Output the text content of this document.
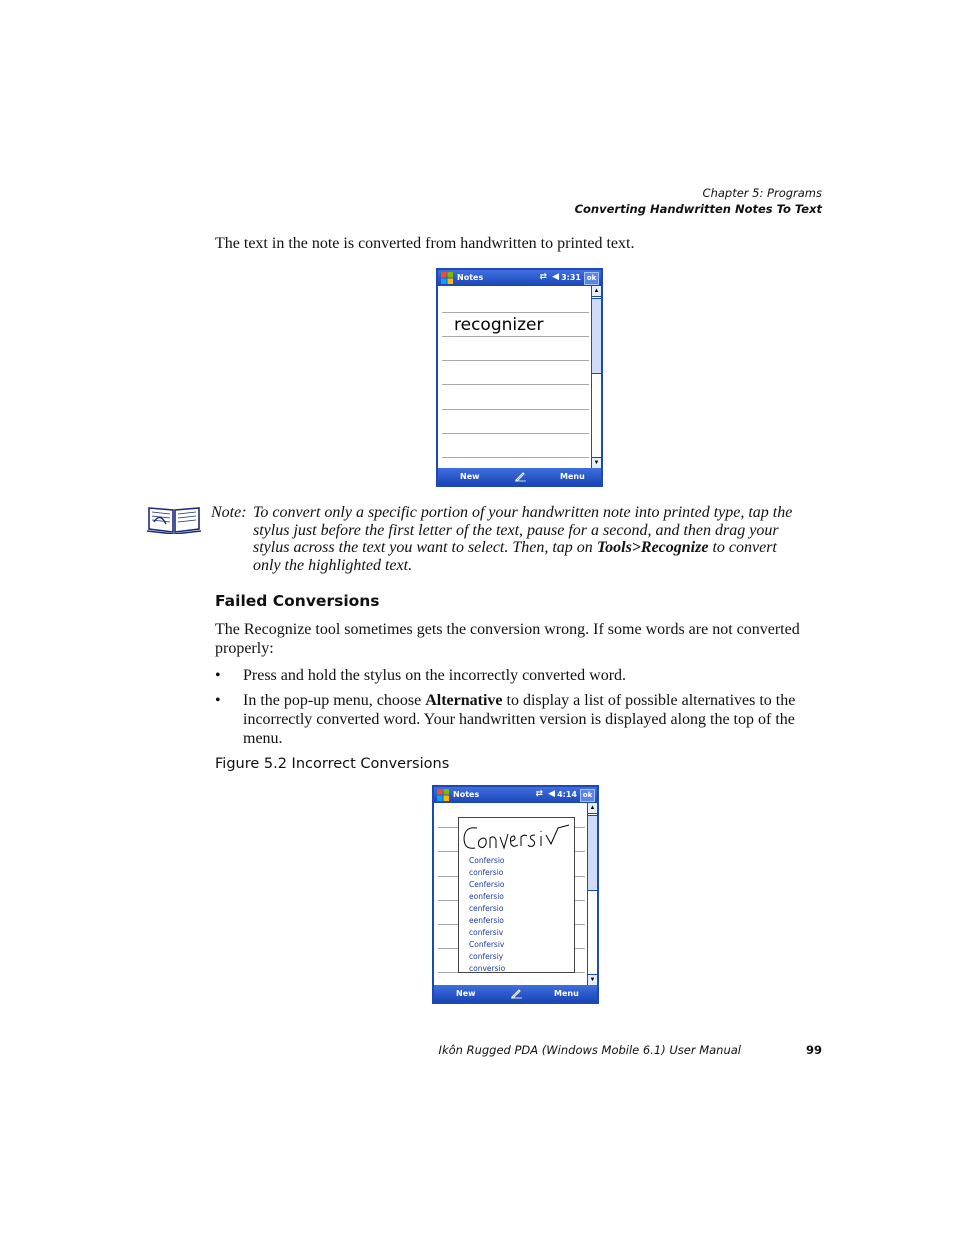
Chapter 5: Programs
Converting Handwritten Notes To Text
The text in the note is converted from handwritten to printed text.
Notes	⇄ ◀ 3:31 ok
recognizer
▲
▼
New	Menu
Note: To convert only a specific portion of your handwritten note into printed type, tap the stylus just before the first letter of the text, pause for a second, and then drag your stylus across the text you want to select. Then, tap on Tools>Recognize to convert only the highlighted text.
Failed Conversions
The Recognize tool sometimes gets the conversion wrong. If some words are not converted properly:
• Press and hold the stylus on the incorrectly converted word.
• In the pop-up menu, choose Alternative to display a list of possible alternatives to the incorrectly converted word. Your handwritten version is displayed along the top of the menu.
Figure 5.2 Incorrect Conversions
Notes	⇄ ◀ 4:14 ok
Confersio
confersio
Cenfersio
eonfersio
cenfersio
eenfersio
confersiv
Confersiv
confersiy
conversio
▲
▼
New	Menu
Ikôn Rugged PDA (Windows Mobile 6.1) User Manual	99
